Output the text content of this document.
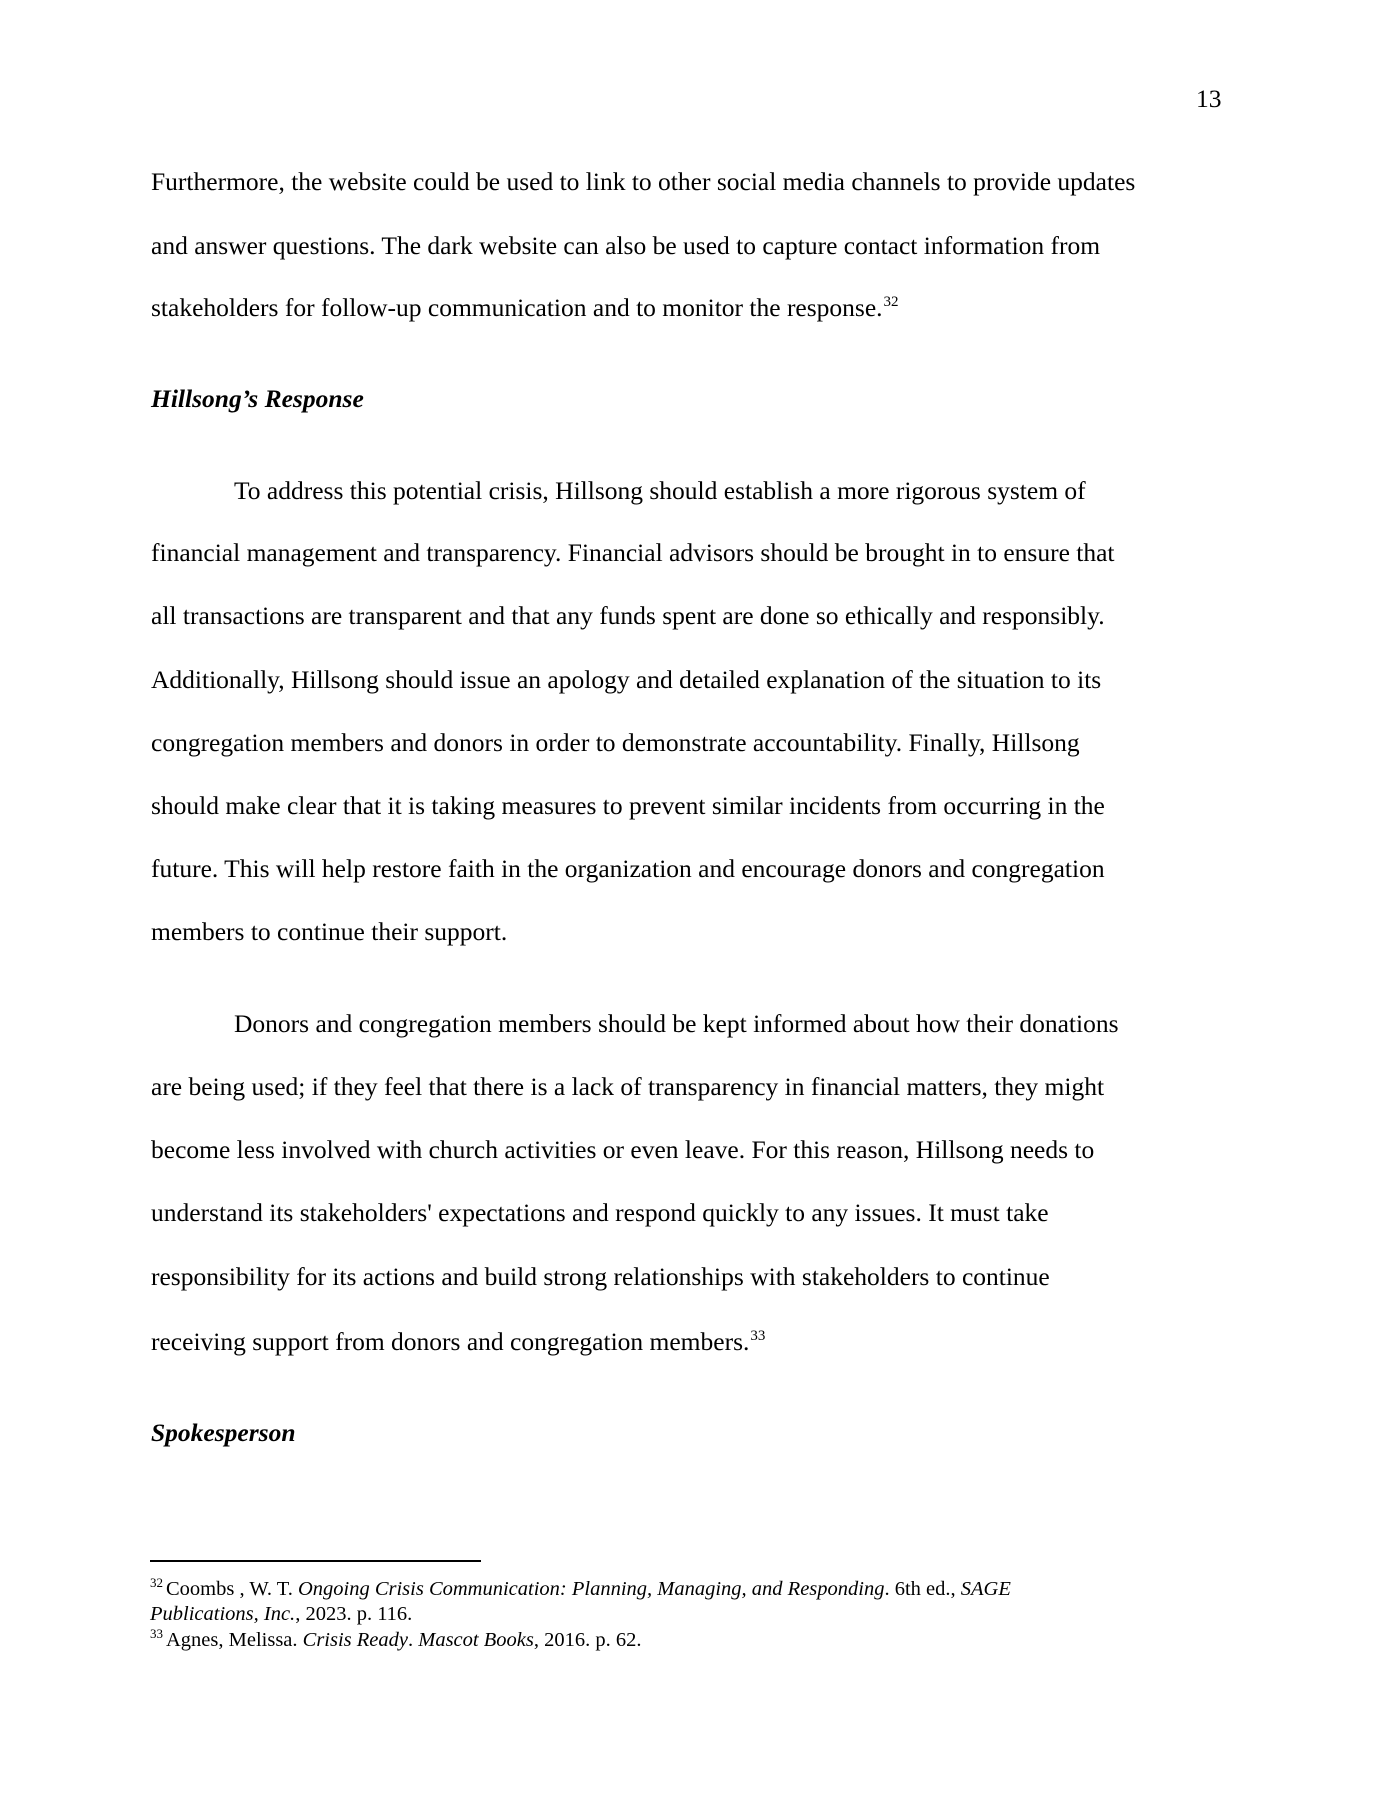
13
Furthermore, the website could be used to link to other social media channels to provide updates
and answer questions. The dark website can also be used to capture contact information from
stakeholders for follow-up communication and to monitor the response.$^{32}$
Hillsong’s Response
To address this potential crisis, Hillsong should establish a more rigorous system of
financial management and transparency. Financial advisors should be brought in to ensure that
all transactions are transparent and that any funds spent are done so ethically and responsibly.
Additionally, Hillsong should issue an apology and detailed explanation of the situation to its
congregation members and donors in order to demonstrate accountability. Finally, Hillsong
should make clear that it is taking measures to prevent similar incidents from occurring in the
future. This will help restore faith in the organization and encourage donors and congregation
members to continue their support.
Donors and congregation members should be kept informed about how their donations
are being used; if they feel that there is a lack of transparency in financial matters, they might
become less involved with church activities or even leave. For this reason, Hillsong needs to
understand its stakeholders' expectations and respond quickly to any issues. It must take
responsibility for its actions and build strong relationships with stakeholders to continue
receiving support from donors and congregation members.$^{33}$
Spokesperson
$^{32}$ Coombs , W. T. Ongoing Crisis Communication: Planning, Managing, and Responding. 6th ed., SAGE
Publications, Inc., 2023. p. 116.
$^{33}$ Agnes, Melissa. Crisis Ready. Mascot Books, 2016. p. 62.
